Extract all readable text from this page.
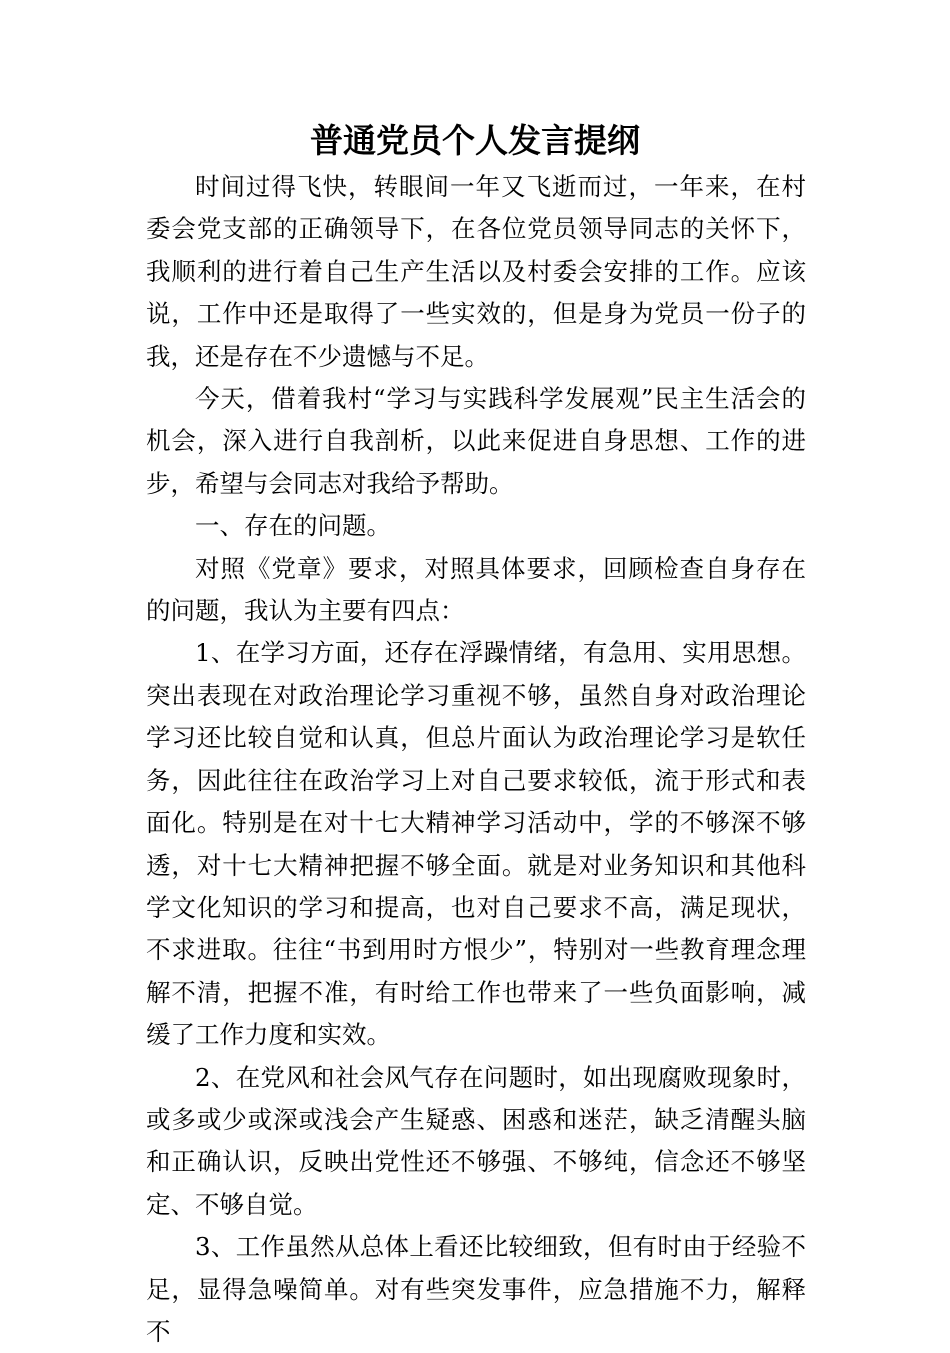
普通党员个人发言提纲

时间过得飞快，转眼间一年又飞逝而过，一年来，在村委会党支部的正确领导下，在各位党员领导同志的关怀下，我顺利的进行着自己生产生活以及村委会安排的工作。应该说，工作中还是取得了一些实效的，但是身为党员一份子的我，还是存在不少遗憾与不足。

今天，借着我村“学习与实践科学发展观”民主生活会的机会，深入进行自我剖析，以此来促进自身思想、工作的进步，希望与会同志对我给予帮助。

一、存在的问题。

对照《党章》要求，对照具体要求，回顾检查自身存在的问题，我认为主要有四点：

1、在学习方面，还存在浮躁情绪，有急用、实用思想。突出表现在对政治理论学习重视不够，虽然自身对政治理论学习还比较自觉和认真，但总片面认为政治理论学习是软任务，因此往往在政治学习上对自己要求较低，流于形式和表面化。特别是在对十七大精神学习活动中，学的不够深不够透，对十七大精神把握不够全面。就是对业务知识和其他科学文化知识的学习和提高，也对自己要求不高，满足现状，不求进取。往往“书到用时方恨少”，特别对一些教育理念理解不清，把握不准，有时给工作也带来了一些负面影响，减缓了工作力度和实效。

2、在党风和社会风气存在问题时，如出现腐败现象时，或多或少或深或浅会产生疑惑、困惑和迷茫，缺乏清醒头脑和正确认识，反映出党性还不够强、不够纯，信念还不够坚定、不够自觉。

3、工作虽然从总体上看还比较细致，但有时由于经验不足，显得急噪简单。对有些突发事件，应急措施不力，解释不
